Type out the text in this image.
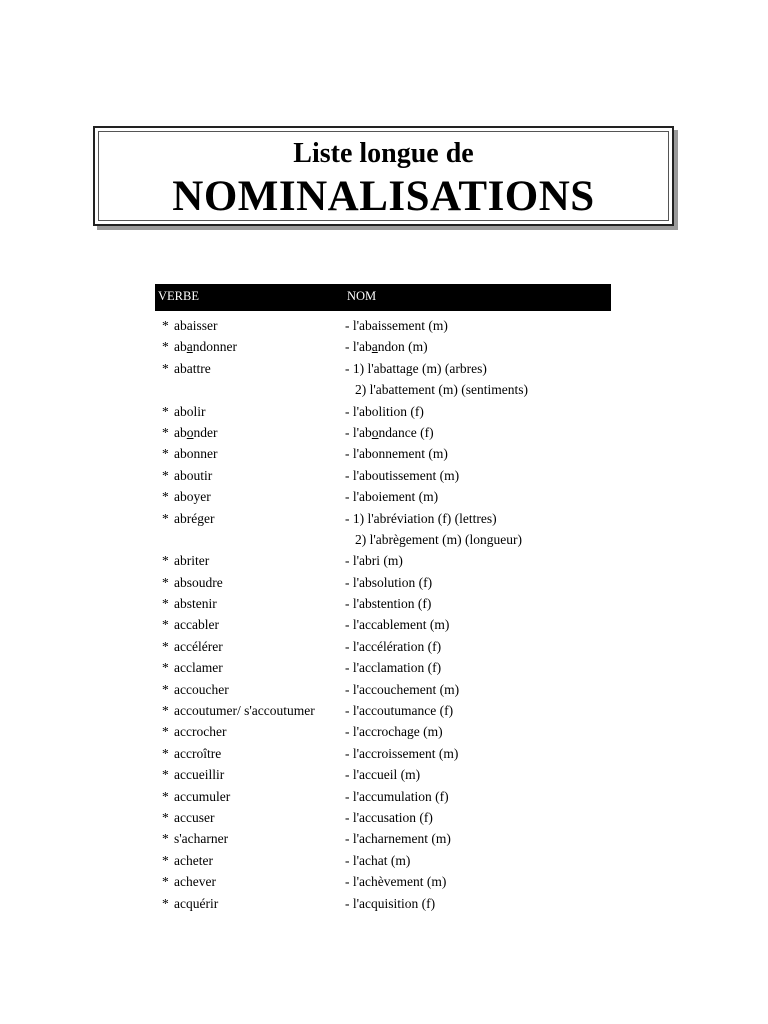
Liste longue de
NOMINALISATIONS
VERBE	NOM
* abaisser	- l'abaissement (m)
* abandonner	- l'abandon (m)
* abattre	- 1) l'abattage (m) (arbres)
2) l'abattement (m) (sentiments)
* abolir	- l'abolition (f)
* abonder	- l'abondance (f)
* abonner	- l'abonnement (m)
* aboutir	- l'aboutissement (m)
* aboyer	- l'aboiement (m)
* abréger	- 1) l'abréviation (f) (lettres)
2) l'abrègement (m) (longueur)
* abriter	- l'abri (m)
* absoudre	- l'absolution (f)
* abstenir	- l'abstention (f)
* accabler	- l'accablement (m)
* accélérer	- l'accélération (f)
* acclamer	- l'acclamation (f)
* accoucher	- l'accouchement (m)
* accoutumer/ s'accoutumer - l'accoutumance (f)
* accrocher	- l'accrochage (m)
* accroître	- l'accroissement (m)
* accueillir	- l'accueil (m)
* accumuler	- l'accumulation (f)
* accuser	- l'accusation (f)
* s'acharner	- l'acharnement (m)
* acheter	- l'achat (m)
* achever	- l'achèvement (m)
* acquérir	- l'acquisition (f)
